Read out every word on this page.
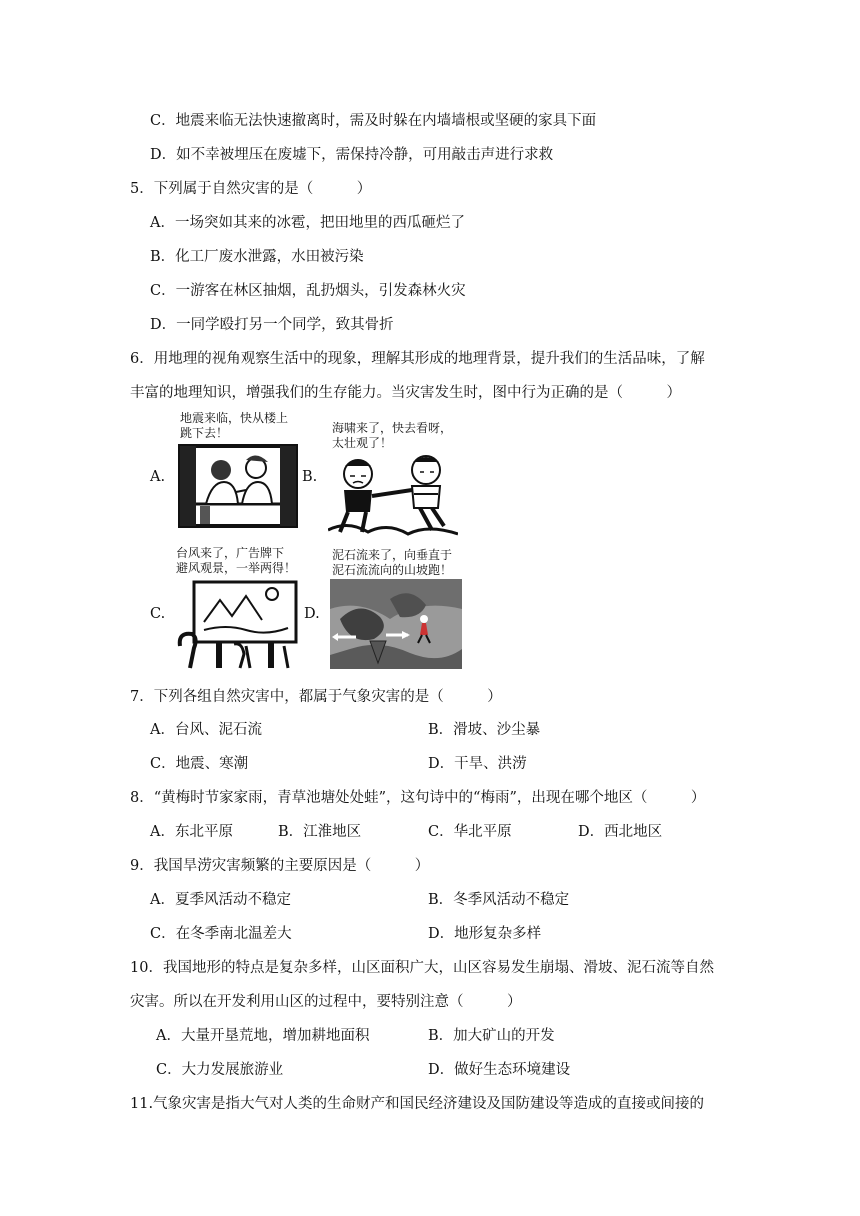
C．地震来临无法快速撤离时，需及时躲在内墙墙根或坚硬的家具下面
D．如不幸被埋压在废墟下，需保持冷静，可用敲击声进行求救
5．下列属于自然灾害的是（　　　）
A．一场突如其来的冰雹，把田地里的西瓜砸烂了
B．化工厂废水泄露，水田被污染
C．一游客在林区抽烟，乱扔烟头，引发森林火灾
D．一同学殴打另一个同学，致其骨折
6．用地理的视角观察生活中的现象，理解其形成的地理背景，提升我们的生活品味，了解
丰富的地理知识，增强我们的生存能力。当灾害发生时，图中行为正确的是（　　　）
A.
地震来临，快从楼上
跳下去！
B.
海啸来了，快去看呀，
太壮观了！
C.
台风来了，广告牌下
避风观景，一举两得！
D.
泥石流来了，向垂直于
泥石流流向的山坡跑！
7．下列各组自然灾害中，都属于气象灾害的是（　　　）
A．台风、泥石流	B．滑坡、沙尘暴
C．地震、寒潮	D．干旱、洪涝
8．“黄梅时节家家雨，青草池塘处处蛙”，这句诗中的“梅雨”，出现在哪个地区（　　　）
A．东北平原	B．江淮地区	C．华北平原	D．西北地区
9．我国旱涝灾害频繁的主要原因是（　　　）
A．夏季风活动不稳定	B．冬季风活动不稳定
C．在冬季南北温差大	D．地形复杂多样
10．我国地形的特点是复杂多样，山区面积广大，山区容易发生崩塌、滑坡、泥石流等自然
灾害。所以在开发利用山区的过程中，要特别注意（　　　）
A．大量开垦荒地，增加耕地面积	B．加大矿山的开发
C．大力发展旅游业	D．做好生态环境建设
11.气象灾害是指大气对人类的生命财产和国民经济建设及国防建设等造成的直接或间接的
